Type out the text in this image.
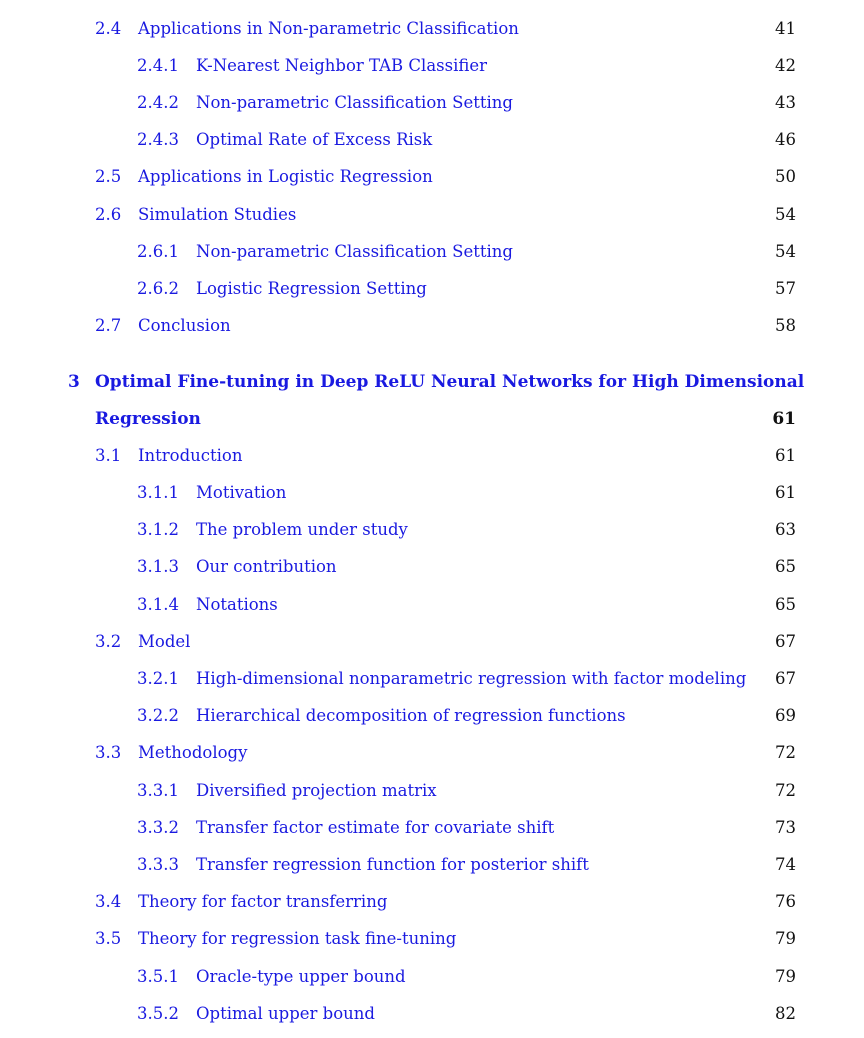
2.4 Applications in Non-parametric Classification	41
2.4.1 K-Nearest Neighbor TAB Classifier	42
2.4.2 Non-parametric Classification Setting	43
2.4.3 Optimal Rate of Excess Risk	46
2.5 Applications in Logistic Regression	50
2.6 Simulation Studies	54
2.6.1 Non-parametric Classification Setting	54
2.6.2 Logistic Regression Setting	57
2.7 Conclusion	58
3 Optimal Fine-tuning in Deep ReLU Neural Networks for High Dimensional
Regression	61
3.1 Introduction	61
3.1.1 Motivation	61
3.1.2 The problem under study	63
3.1.3 Our contribution	65
3.1.4 Notations	65
3.2 Model	67
3.2.1 High-dimensional nonparametric regression with factor modeling 67
3.2.2 Hierarchical decomposition of regression functions	69
3.3 Methodology	72
3.3.1 Diversified projection matrix	72
3.3.2 Transfer factor estimate for covariate shift	73
3.3.3 Transfer regression function for posterior shift	74
3.4 Theory for factor transferring	76
3.5 Theory for regression task fine-tuning	79
3.5.1 Oracle-type upper bound	79
3.5.2 Optimal upper bound	82
